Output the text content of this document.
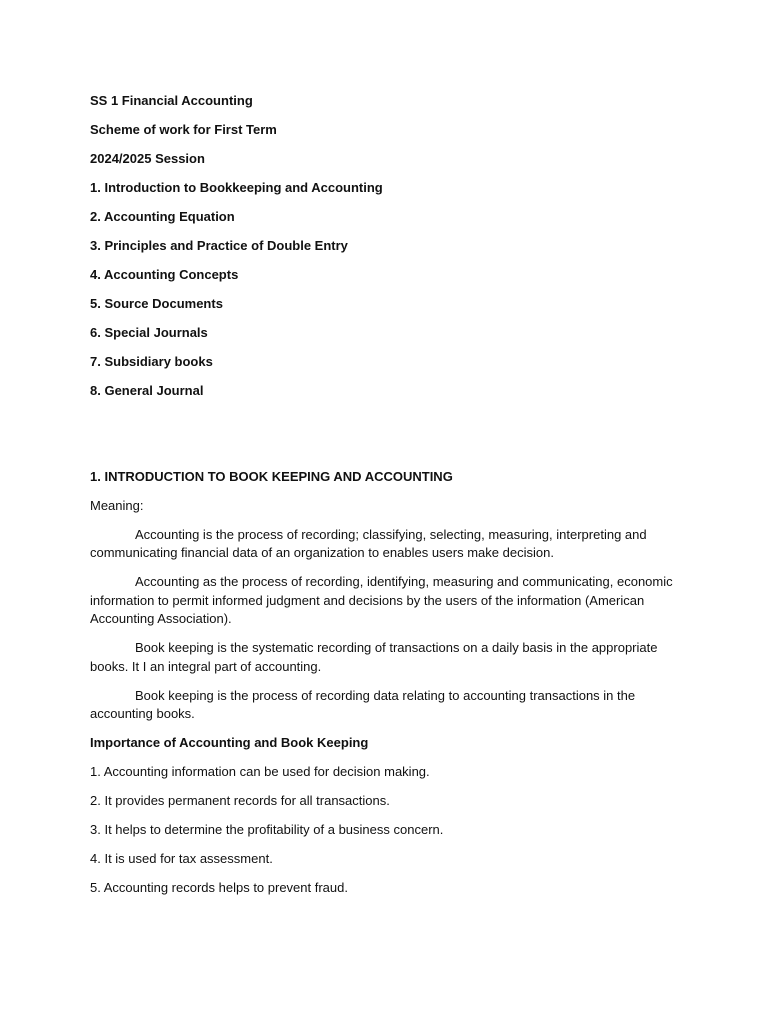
SS 1 Financial Accounting

Scheme of work for First Term

2024/2025 Session

1. Introduction to Bookkeeping and Accounting

2. Accounting Equation

3. Principles and Practice of Double Entry

4. Accounting Concepts

5. Source Documents

6. Special Journals

7. Subsidiary books

8. General Journal

1. INTRODUCTION TO BOOK KEEPING AND ACCOUNTING

Meaning:

Accounting is the process of recording; classifying, selecting, measuring, interpreting and communicating financial data of an organization to enables users make decision.

Accounting as the process of recording, identifying, measuring and communicating, economic information to permit informed judgment and decisions by the users of the information (American Accounting Association).

Book keeping is the systematic recording of transactions on a daily basis in the appropriate books. It I an integral part of accounting.

Book keeping is the process of recording data relating to accounting transactions in the accounting books.

Importance of Accounting and Book Keeping

1. Accounting information can be used for decision making.

2. It provides permanent records for all transactions.

3. It helps to determine the profitability of a business concern.

4. It is used for tax assessment.

5. Accounting records helps to prevent fraud.
